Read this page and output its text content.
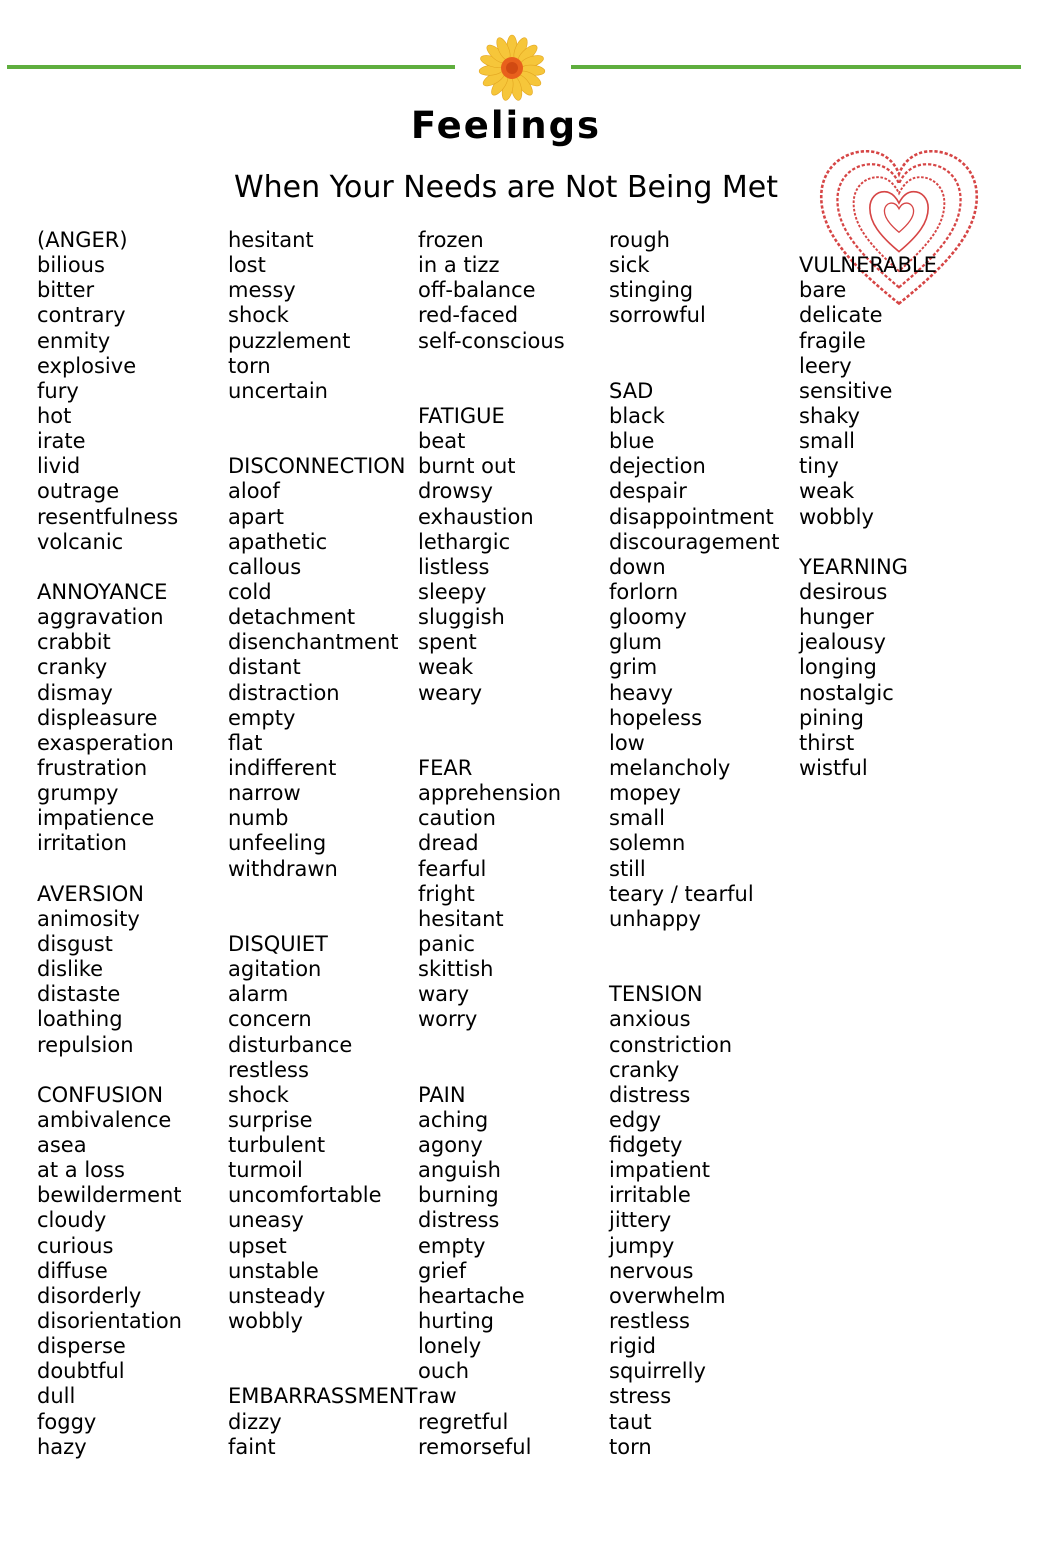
Feelings
When Your Needs are Not Being Met
(ANGER)
bilious
bitter
contrary
enmity
explosive
fury
hot
irate
livid
outrage
resentfulness
volcanic
ANNOYANCE
aggravation
crabbit
cranky
dismay
displeasure
exasperation
frustration
grumpy
impatience
irritation
AVERSION
animosity
disgust
dislike
distaste
loathing
repulsion
CONFUSION
ambivalence
asea
at a loss
bewilderment
cloudy
curious
diffuse
disorderly
disorientation
disperse
doubtful
dull
foggy
hazy
hesitant
lost
messy
shock
puzzlement
torn
uncertain
DISCONNECTION
aloof
apart
apathetic
callous
cold
detachment
disenchantment
distant
distraction
empty
flat
indifferent
narrow
numb
unfeeling
withdrawn
DISQUIET
agitation
alarm
concern
disturbance
restless
shock
surprise
turbulent
turmoil
uncomfortable
uneasy
upset
unstable
unsteady
wobbly
EMBARRASSMENT
dizzy
faint
frozen
in a tizz
off-balance
red-faced
self-conscious
FATIGUE
beat
burnt out
drowsy
exhaustion
lethargic
listless
sleepy
sluggish
spent
weak
weary
FEAR
apprehension
caution
dread
fearful
fright
hesitant
panic
skittish
wary
worry
PAIN
aching
agony
anguish
burning
distress
empty
grief
heartache
hurting
lonely
ouch
raw
regretful
remorseful
rough
sick
stinging
sorrowful
SAD
black
blue
dejection
despair
disappointment
discouragement
down
forlorn
gloomy
glum
grim
heavy
hopeless
low
melancholy
mopey
small
solemn
still
teary / tearful
unhappy
TENSION
anxious
constriction
cranky
distress
edgy
fidgety
impatient
irritable
jittery
jumpy
nervous
overwhelm
restless
rigid
squirrelly
stress
taut
torn
VULNERABLE
bare
delicate
fragile
leery
sensitive
shaky
small
tiny
weak
wobbly
YEARNING
desirous
hunger
jealousy
longing
nostalgic
pining
thirst
wistful
